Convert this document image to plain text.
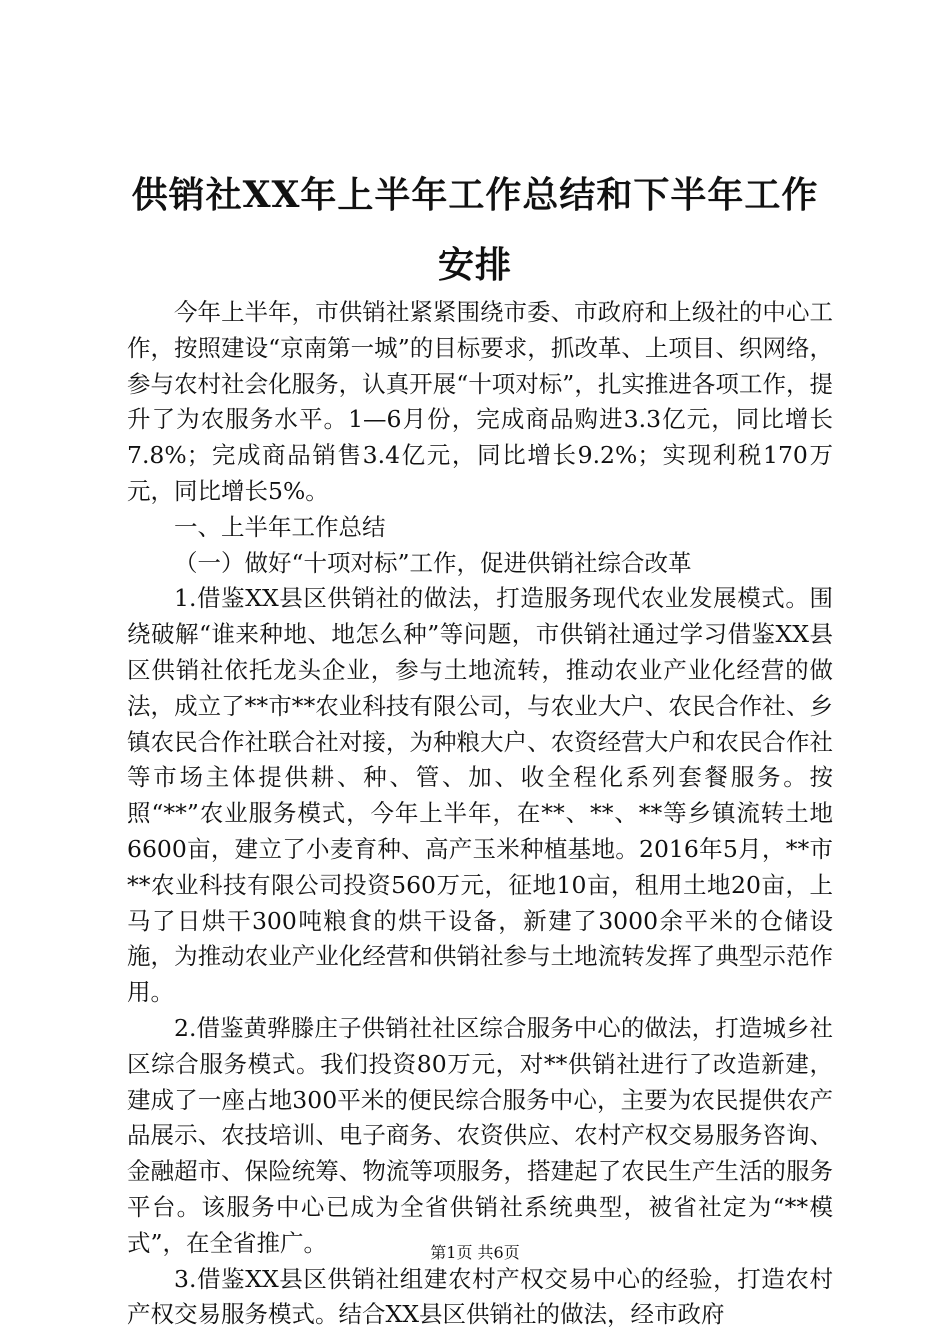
供销社XX年上半年工作总结和下半年工作安排

今年上半年，市供销社紧紧围绕市委、市政府和上级社的中心工作，按照建设“京南第一城”的目标要求，抓改革、上项目、织网络，参与农村社会化服务，认真开展“十项对标”，扎实推进各项工作，提升了为农服务水平。1—6月份，完成商品购进3.3亿元，同比增长7.8%；完成商品销售3.4亿元，同比增长9.2%；实现利税170万元，同比增长5%。

一、上半年工作总结

（一）做好“十项对标”工作，促进供销社综合改革

1.借鉴XX县区供销社的做法，打造服务现代农业发展模式。围绕破解“谁来种地、地怎么种”等问题，市供销社通过学习借鉴XX县区供销社依托龙头企业，参与土地流转，推动农业产业化经营的做法，成立了**市**农业科技有限公司，与农业大户、农民合作社、乡镇农民合作社联合社对接，为种粮大户、农资经营大户和农民合作社等市场主体提供耕、种、管、加、收全程化系列套餐服务。按照“**”农业服务模式，今年上半年，在**、**、**等乡镇流转土地6600亩，建立了小麦育种、高产玉米种植基地。2016年5月，**市**农业科技有限公司投资560万元，征地10亩，租用土地20亩，上马了日烘干300吨粮食的烘干设备，新建了3000余平米的仓储设施，为推动农业产业化经营和供销社参与土地流转发挥了典型示范作用。

2.借鉴黄骅滕庄子供销社社区综合服务中心的做法，打造城乡社区综合服务模式。我们投资80万元，对**供销社进行了改造新建，建成了一座占地300平米的便民综合服务中心，主要为农民提供农产品展示、农技培训、电子商务、农资供应、农村产权交易服务咨询、金融超市、保险统筹、物流等项服务，搭建起了农民生产生活的服务平台。该服务中心已成为全省供销社系统典型，被省社定为“**模式”，在全省推广。

3.借鉴XX县区供销社组建农村产权交易中心的经验，打造农村产权交易服务模式。结合XX县区供销社的做法，经市政府

第1页 共6页
